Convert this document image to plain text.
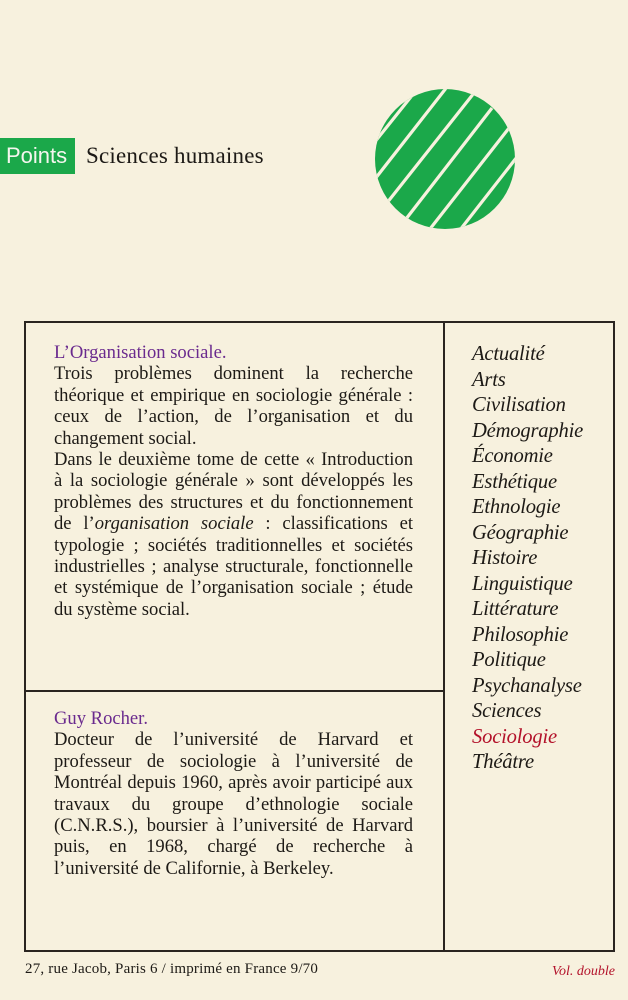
Points Sciences humaines

L’Organisation sociale.

Trois problèmes dominent la recherche théorique et empirique en sociologie générale : ceux de l’action, de l’organisation et du changement social.

Dans le deuxième tome de cette « Introduction à la sociologie générale » sont développés les problèmes des structures et du fonctionnement de l’organisation sociale : classifications et typologie ; sociétés traditionnelles et sociétés industrielles ; analyse structurale, fonctionnelle et systémique de l’organisation sociale ; étude du système social.

Guy Rocher.

Docteur de l’université de Harvard et professeur de sociologie à l’université de Montréal depuis 1960, après avoir participé aux travaux du groupe d’ethnologie sociale (C.N.R.S.), boursier à l’université de Harvard puis, en 1968, chargé de recherche à l’université de Californie, à Berkeley.

Actualité
Arts
Civilisation
Démographie
Économie
Esthétique
Ethnologie
Géographie
Histoire
Linguistique
Littérature
Philosophie
Politique
Psychanalyse
Sciences
Sociologie
Théâtre
27, rue Jacob, Paris 6 / imprimé en France 9/70	Vol. double
